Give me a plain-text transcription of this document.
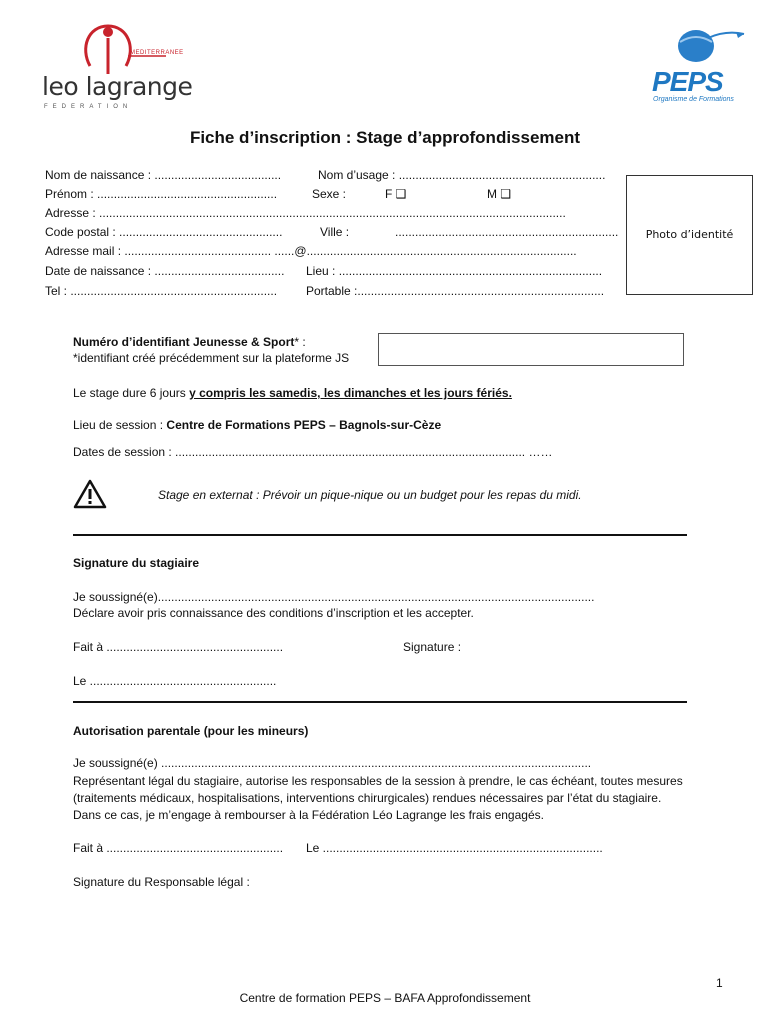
MEDITERRANEE
leo lagrange
FEDERATION
PEPS
Organisme de Formations
Fiche d’inscription : Stage d’approfondissement
Nom de naissance : ......................................	Nom d’usage : ..............................................................
Prénom : ......................................................	Sexe :	F ❑	M ❑
Adresse : ............................................................................................................................................
Code postal : .................................................	Ville :	...................................................................
Adresse mail : ............................................ ......@.................................................................................
Date de naissance : ....................................... Lieu : ...............................................................................
Tel : .............................................................. Portable :..........................................................................
Photo d’identité
Numéro d’identifiant Jeunesse & Sport* :
*identifiant créé précédemment sur la plateforme JS
Le stage dure 6 jours y compris les samedis, les dimanches et les jours fériés.
Lieu de session : Centre de Formations PEPS – Bagnols-sur-Cèze
Dates de session : ......................................................................................................... ……
Stage en externat : Prévoir un pique-nique ou un budget pour les repas du midi.
Signature du stagiaire
Je soussigné(e)...................................................................................................................................
Déclare avoir pris connaissance des conditions d’inscription et les accepter.
Fait à .....................................................	Signature :
Le ........................................................
Autorisation parentale (pour les mineurs)
Je soussigné(e) .................................................................................................................................
Représentant légal du stagiaire, autorise les responsables de la session à prendre, le cas échéant, toutes mesures (traitements médicaux, hospitalisations, interventions chirurgicales) rendues nécessaires par l’état du stagiaire. Dans ce cas, je m’engage à rembourser à la Fédération Léo Lagrange les frais engagés.
Fait à ..................................................... Le ....................................................................................
Signature du Responsable légal :
1
Centre de formation PEPS – BAFA Approfondissement
